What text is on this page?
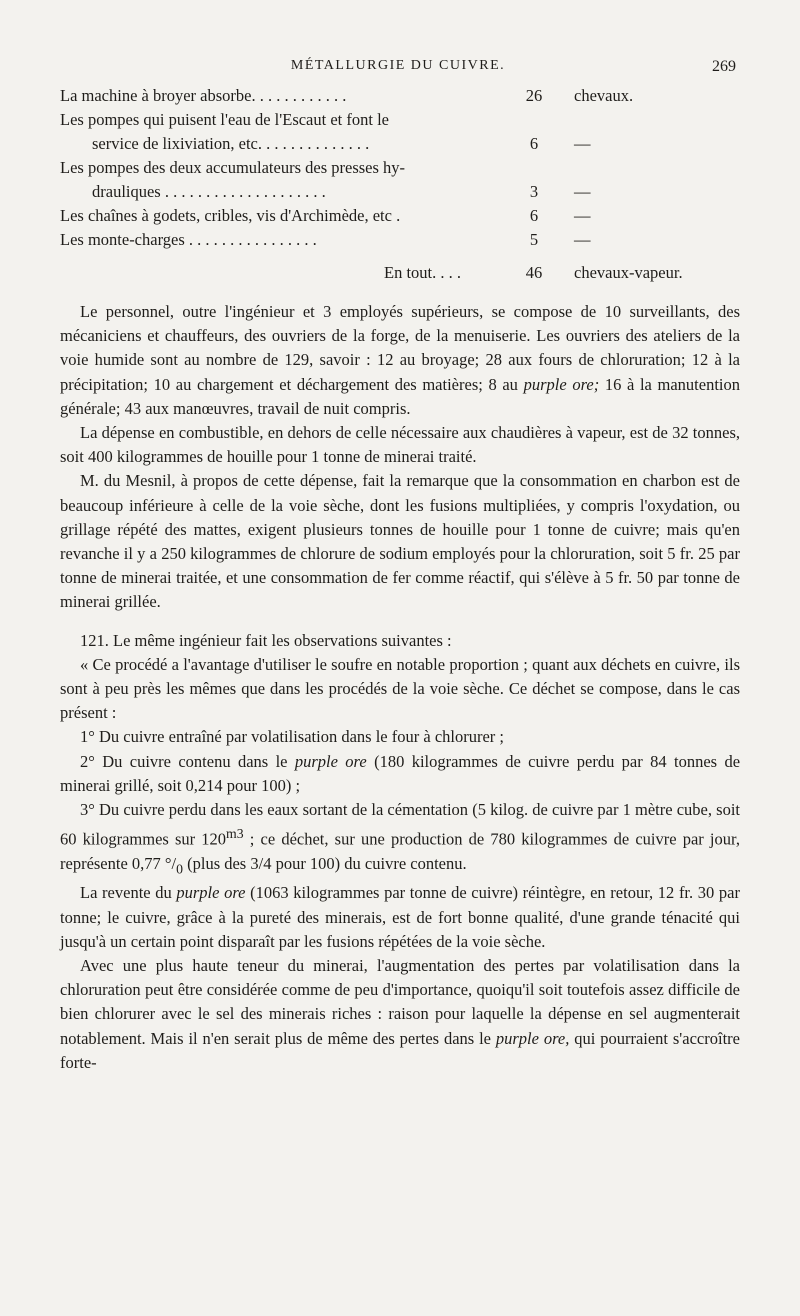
MÉTALLURGIE DU CUIVRE.	269
La machine à broyer absorbe. . . . . . . . . . . .	26	chevaux.
Les pompes qui puisent l'eau de l'Escaut et font le
service de lixiviation, etc. . . . . . . . . . . . . .	6	—
Les pompes des deux accumulateurs des presses hy-
drauliques . . . . . . . . . . . . . . . . . . . .	3	—
Les chaînes à godets, cribles, vis d'Archimède, etc .	6	—
Les monte-charges . . . . . . . . . . . . . . . .	5	—
En tout. . . .	46	chevaux-vapeur.

Le personnel, outre l'ingénieur et 3 employés supérieurs, se compose de 10 surveillants, des mécaniciens et chauffeurs, des ouvriers de la forge, de la menuiserie. Les ouvriers des ateliers de la voie humide sont au nombre de 129, savoir : 12 au broyage; 28 aux fours de chloruration; 12 à la précipitation; 10 au chargement et déchargement des matières; 8 au purple ore; 16 à la manutention générale; 43 aux manœuvres, travail de nuit compris.

La dépense en combustible, en dehors de celle nécessaire aux chaudières à vapeur, est de 32 tonnes, soit 400 kilogrammes de houille pour 1 tonne de minerai traité.

M. du Mesnil, à propos de cette dépense, fait la remarque que la consommation en charbon est de beaucoup inférieure à celle de la voie sèche, dont les fusions multipliées, y compris l'oxydation, ou grillage répété des mattes, exigent plusieurs tonnes de houille pour 1 tonne de cuivre; mais qu'en revanche il y a 250 kilogrammes de chlorure de sodium employés pour la chloruration, soit 5 fr. 25 par tonne de minerai traitée, et une consommation de fer comme réactif, qui s'élève à 5 fr. 50 par tonne de minerai grillée.

121. Le même ingénieur fait les observations suivantes :

« Ce procédé a l'avantage d'utiliser le soufre en notable proportion ; quant aux déchets en cuivre, ils sont à peu près les mêmes que dans les procédés de la voie sèche. Ce déchet se compose, dans le cas présent :

1° Du cuivre entraîné par volatilisation dans le four à chlorurer ;

2° Du cuivre contenu dans le purple ore (180 kilogrammes de cuivre perdu par 84 tonnes de minerai grillé, soit 0,214 pour 100) ;

3° Du cuivre perdu dans les eaux sortant de la cémentation (5 kilog. de cuivre par 1 mètre cube, soit 60 kilogrammes sur $120^{m3}$ ; ce déchet, sur une production de 780 kilogrammes de cuivre par jour, représente 0,77 $^\circ/_0$ (plus des 3/4 pour 100) du cuivre contenu.

La revente du purple ore (1063 kilogrammes par tonne de cuivre) réintègre, en retour, 12 fr. 30 par tonne; le cuivre, grâce à la pureté des minerais, est de fort bonne qualité, d'une grande ténacité qui jusqu'à un certain point disparaît par les fusions répétées de la voie sèche.

Avec une plus haute teneur du minerai, l'augmentation des pertes par volatilisation dans la chloruration peut être considérée comme de peu d'importance, quoiqu'il soit toutefois assez difficile de bien chlorurer avec le sel des minerais riches : raison pour laquelle la dépense en sel augmenterait notablement. Mais il n'en serait plus de même des pertes dans le purple ore, qui pourraient s'accroître forte-
